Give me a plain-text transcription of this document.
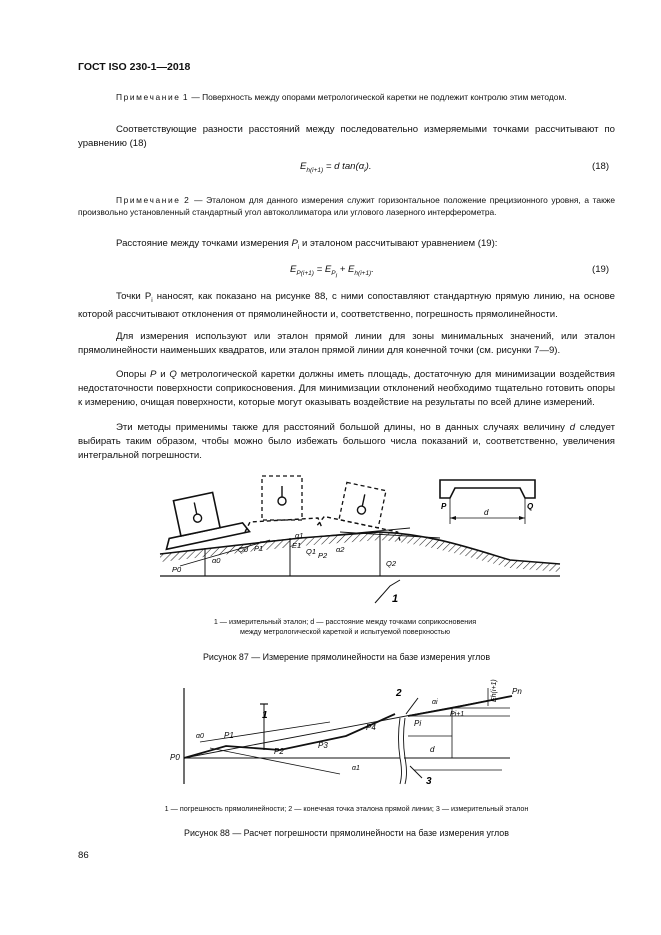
ГОСТ ISO 230-1—2018
Примечание 1 — Поверхность между опорами метрологической каретки не подлежит контролю этим методом.
Соответствующие разности расстояний между последовательно измеряемыми точками рассчитывают по уравнению (18)
$E_{h(i+1)} = d$ $\tan(\alpha_i)$.	(18)
Примечание 2 — Эталоном для данного измерения служит горизонтальное положение прецизионного уровня, а также произвольно установленный стандартный угол автоколлиматора или углового лазерного интерферометра.
Расстояние между точками измерения $P_i$ и эталоном рассчитывают уравнением (19):
$E_{P(i+1)} = E_{P_i} + E_{h(i+1)}$.	(19)
Точки $P_i$ наносят, как показано на рисунке 88, с ними сопоставляют стандартную прямую линию, на основе которой рассчитывают отклонения от прямолинейности и, соответственно, погрешность прямолинейности.
Для измерения используют или эталон прямой линии для зоны минимальных значений, или эталон прямолинейности наименьших квадратов, или эталон прямой линии для конечной точки (см. рисунки 7—9).
Опоры P и Q метрологической каретки должны иметь площадь, достаточную для минимизации воздействия недостаточности поверхности соприкосновения. Для минимизации отклонений необходимо тщательно готовить опоры к измерению, очищая поверхности, которые могут оказывать воздействие на результаты по всей длине измерений.
Эти методы применимы также для расстояний большой длины, но в данных случаях величину d следует выбирать таким образом, чтобы можно было избежать большого числа показаний и, соответственно, увеличения интегральной погрешности.
P	Q
d
1
P0
α0
Q0 P1	E1
α1
Q1 P2
α2
Q2
1 — измерительный эталон; d — расстояние между точками соприкосновения
между метрологической кареткой и испытуемой поверхностью
Рисунок 87 — Измерение прямолинейности на базе измерения углов
P0
α0	P1
1
P2
P3
α1
P4
2
Pi
αi
Pi+1
Eh(i+1) Pn
d
3
1 — погрешность прямолинейности; 2 — конечная точка эталона прямой линии; 3 — измерительный эталон
Рисунок 88 — Расчет погрешности прямолинейности на базе измерения углов
86
